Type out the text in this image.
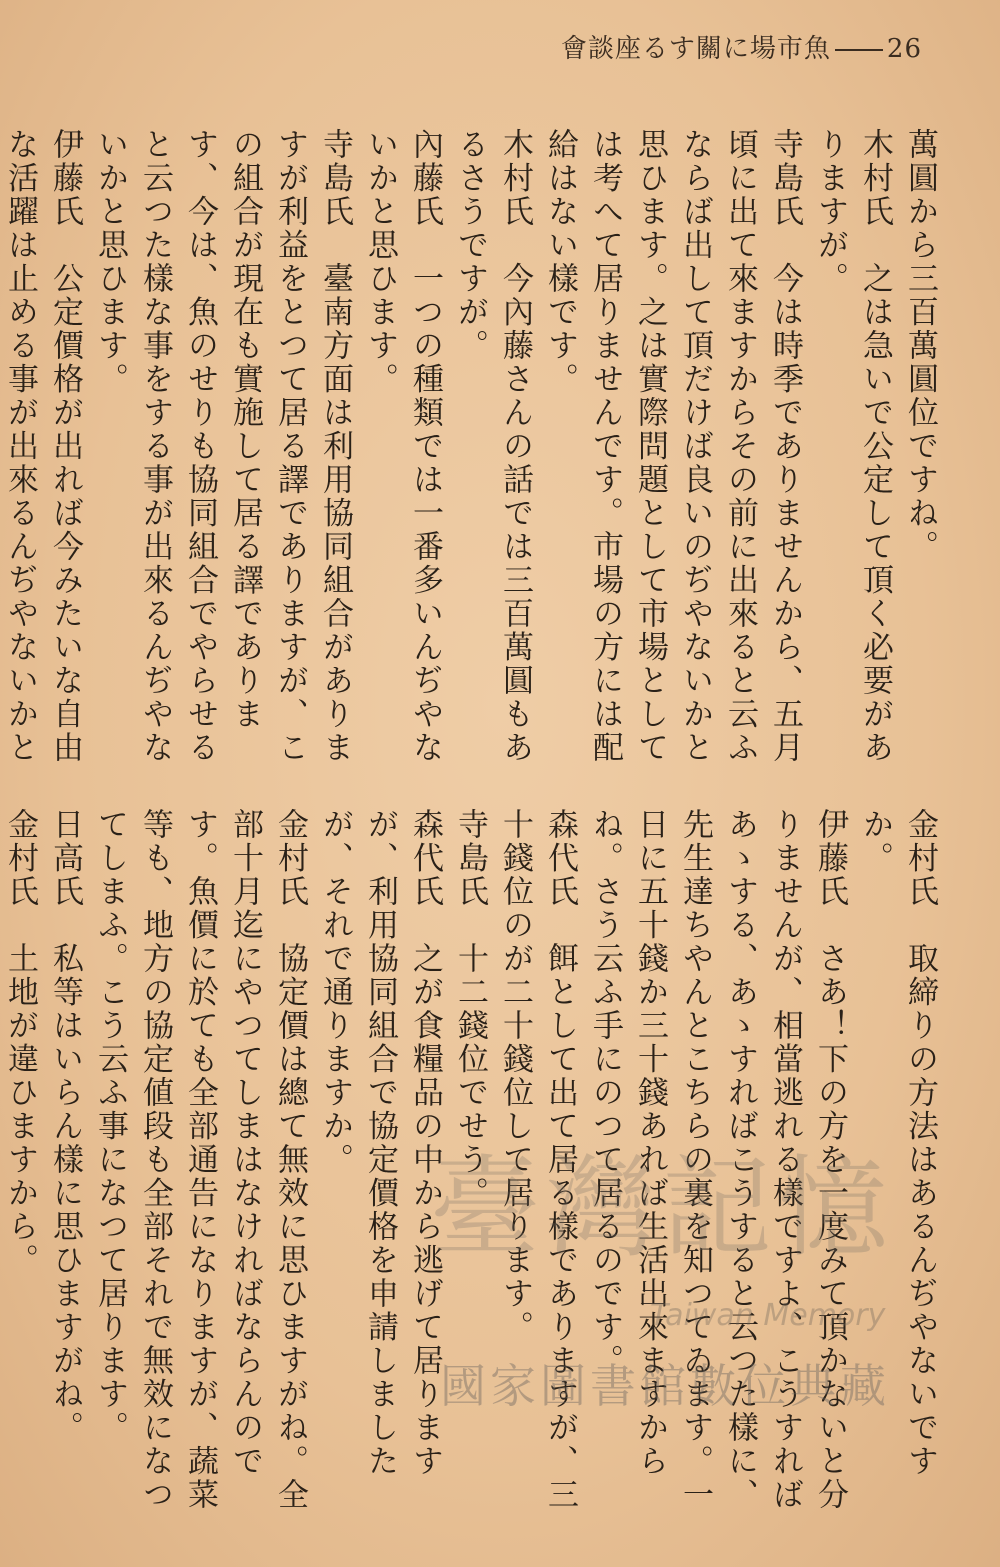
會談座るす關に場市魚 26

萬圓から三百萬圓位ですね。

木村氏　之は急いで公定して頂く必要がありますが。

寺島氏　今は時季でありませんから、五月頃に出て來ますからその前に出來ると云ふならば出して頂だけば良いのぢやないかと思ひます。之は實際問題として市場としては考へて居りませんです。市場の方には配給はない樣です。

木村氏　今內藤さんの話では三百萬圓もあるさうですが。

內藤氏　一つの種類では一番多いんぢやないかと思ひます。

寺島氏　臺南方面は利用協同組合がありますが利益をとつて居る譯でありますが、この組合が現在も實施して居る譯であります、今は、魚のせりも協同組合でやらせると云つた樣な事をする事が出來るんぢやないかと思ひます。

伊藤氏　公定價格が出れば今みたいな自由な活躍は止める事が出來るんぢやないかと

金村氏　取締りの方法はあるんぢやないですか。

伊藤氏　さあ！下の方を一度みて頂かないと分りませんが、相當逃れる樣ですよ、こうすればあゝする、あゝすればこうすると云つた樣に、先生達ちやんとこちらの裏を知つてゐます。一日に五十錢か三十錢あれば生活出來ますからね。さう云ふ手にのつて居るのです。

森代氏　餌として出て居る樣でありますが、三十錢位のが二十錢位して居ります。

寺島氏　十二錢位でせう。

森代氏　之が食糧品の中から逃げて居りますが、利用協同組合で協定價格を申請しましたが、それで通りますか。

金村氏　協定價は總て無效に思ひますがね。全部十月迄にやつてしまはなければならんのです。魚價に於ても全部通告になりますが、蔬菜等も、地方の協定値段も全部それで無效になつてしまふ。こう云ふ事になつて居ります。

日高氏　私等はいらん樣に思ひますがね。

金村氏　土地が違ひますから。	臺灣記憶
Taiwan Memory
國家圖書館數位典藏
